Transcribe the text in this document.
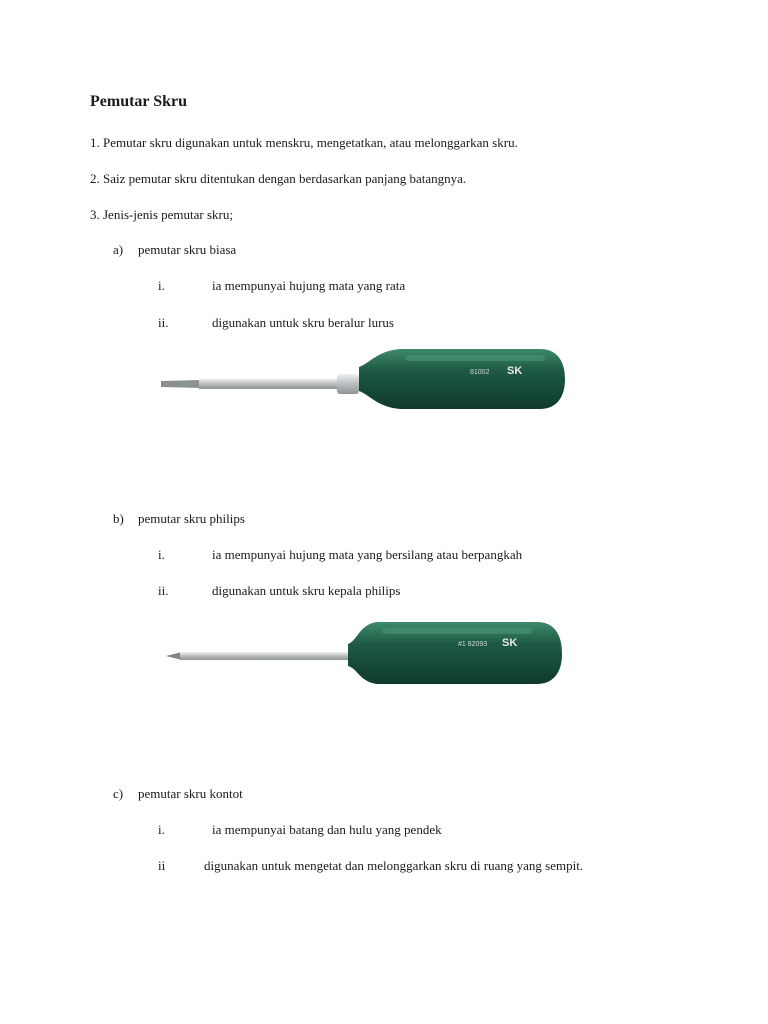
Pemutar Skru
1. Pemutar skru digunakan untuk menskru, mengetatkan, atau melonggarkan skru.
2. Saiz pemutar skru ditentukan dengan berdasarkan panjang batangnya.
3. Jenis-jenis pemutar skru;
a) pemutar skru biasa
i.	ia mempunyai hujung mata yang rata
ii.	digunakan untuk skru beralur lurus
SK
81002
b) pemutar skru philips
i.	ia mempunyai hujung mata yang bersilang atau berpangkah
ii.	digunakan untuk skru kepala philips
SK
#1 82093
c) pemutar skru kontot
i.	ia mempunyai batang dan hulu yang pendek
ii	digunakan untuk mengetat dan melonggarkan skru di ruang yang sempit.
